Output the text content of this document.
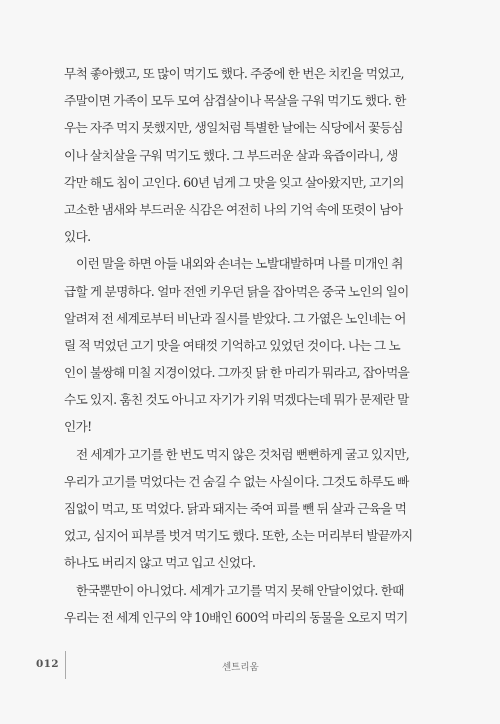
무척 좋아했고, 또 많이 먹기도 했다. 주중에 한 번은 치킨을 먹었고,
주말이면 가족이 모두 모여 삼겹살이나 목살을 구워 먹기도 했다. 한
우는 자주 먹지 못했지만, 생일처럼 특별한 날에는 식당에서 꽃등심
이나 살치살을 구워 먹기도 했다. 그 부드러운 살과 육즙이라니, 생
각만 해도 침이 고인다. 60년 넘게 그 맛을 잊고 살아왔지만, 고기의
고소한 냄새와 부드러운 식감은 여전히 나의 기억 속에 또렷이 남아
있다.
이런 말을 하면 아들 내외와 손녀는 노발대발하며 나를 미개인 취
급할 게 분명하다. 얼마 전엔 키우던 닭을 잡아먹은 중국 노인의 일이
알려져 전 세계로부터 비난과 질시를 받았다. 그 가엾은 노인네는 어
릴 적 먹었던 고기 맛을 여태껏 기억하고 있었던 것이다. 나는 그 노
인이 불쌍해 미칠 지경이었다. 그까짓 닭 한 마리가 뭐라고, 잡아먹을
수도 있지. 훔친 것도 아니고 자기가 키워 먹겠다는데 뭐가 문제란 말
인가!
전 세계가 고기를 한 번도 먹지 않은 것처럼 뻔뻔하게 굴고 있지만,
우리가 고기를 먹었다는 건 숨길 수 없는 사실이다. 그것도 하루도 빠
짐없이 먹고, 또 먹었다. 닭과 돼지는 죽여 피를 뺀 뒤 살과 근육을 먹
었고, 심지어 피부를 벗겨 먹기도 했다. 또한, 소는 머리부터 발끝까지
하나도 버리지 않고 먹고 입고 신었다.
한국뿐만이 아니었다. 세계가 고기를 먹지 못해 안달이었다. 한때
우리는 전 세계 인구의 약 10배인 600억 마리의 동물을 오로지 먹기
012	센트리움
